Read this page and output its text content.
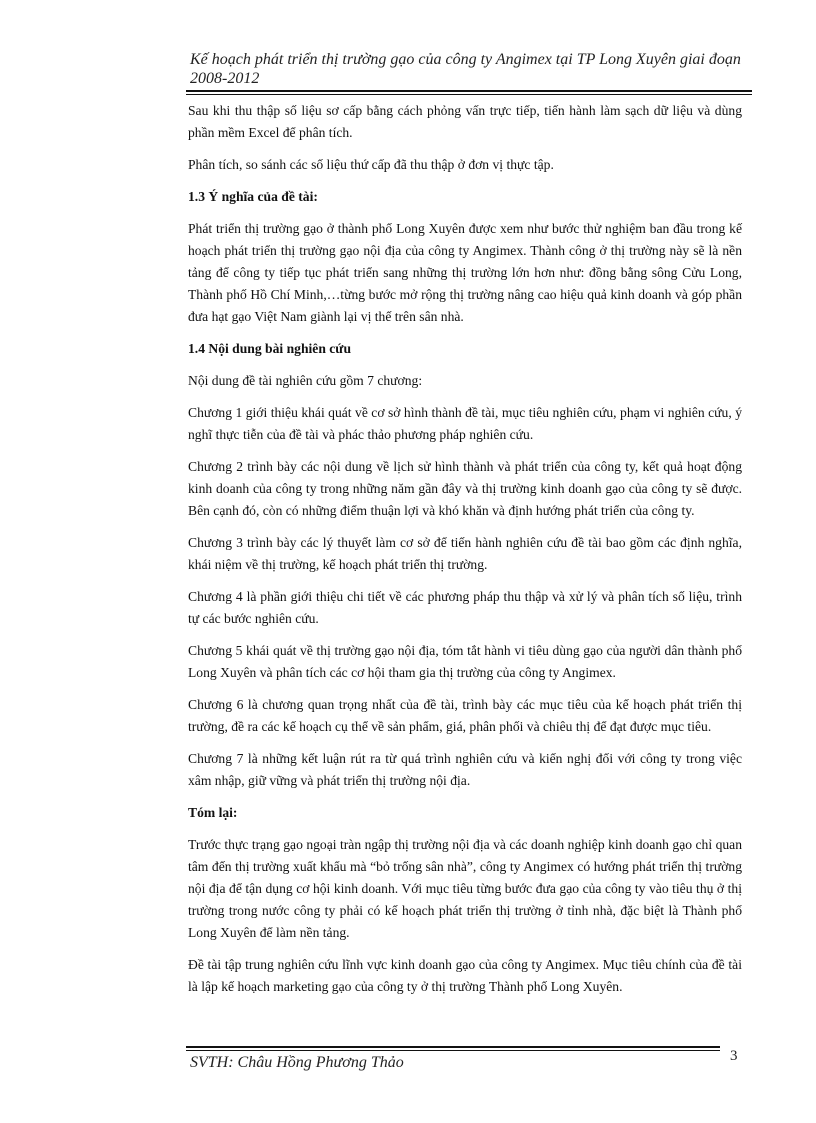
Kế hoạch phát triển thị trường gạo của công ty Angimex tại TP Long Xuyên giai đoạn 2008-2012

Sau khi thu thập số liệu sơ cấp bằng cách phỏng vấn trực tiếp, tiến hành làm sạch dữ liệu và dùng phần mềm Excel để phân tích.

Phân tích, so sánh các số liệu thứ cấp đã thu thập ở đơn vị thực tập.

1.3 Ý nghĩa của đề tài:

Phát triển thị trường gạo ở thành phố Long Xuyên được xem như bước thử nghiệm ban đầu trong kế hoạch phát triển thị trường gạo nội địa của công ty Angimex. Thành công ở thị trường này sẽ là nền tảng để công ty tiếp tục phát triển sang những thị trường lớn hơn như: đồng bằng sông Cửu Long, Thành phố Hồ Chí Minh,…từng bước mở rộng thị trường nâng cao hiệu quả kinh doanh và góp phần đưa hạt gạo Việt Nam giành lại vị thế trên sân nhà.

1.4 Nội dung bài nghiên cứu

Nội dung đề tài nghiên cứu gồm 7 chương:

Chương 1 giới thiệu khái quát về cơ sở hình thành đề tài, mục tiêu nghiên cứu, phạm vi nghiên cứu, ý nghĩ thực tiễn của đề tài và phác thảo phương pháp nghiên cứu.

Chương 2 trình bày các nội dung về lịch sử hình thành và phát triển của công ty, kết quả hoạt động kinh doanh của công ty trong những năm gần đây và thị trường kinh doanh gạo của công ty sẽ được. Bên cạnh đó, còn có những điểm thuận lợi và khó khăn và định hướng phát triển của công ty.

Chương 3 trình bày các lý thuyết làm cơ sở để tiến hành nghiên cứu đề tài bao gồm các định nghĩa, khái niệm về thị trường, kế hoạch phát triển thị trường.

Chương 4 là phần giới thiệu chi tiết về các phương pháp thu thập và xử lý và phân tích số liệu, trình tự các bước nghiên cứu.

Chương 5 khái quát về thị trường gạo nội địa, tóm tắt hành vi tiêu dùng gạo của người dân thành phố Long Xuyên và phân tích các cơ hội tham gia thị trường của công ty Angimex.

Chương 6 là chương quan trọng nhất của đề tài, trình bày các mục tiêu của kế hoạch phát triển thị trường, đề ra các kế hoạch cụ thể về sản phẩm, giá, phân phối và chiêu thị để đạt được mục tiêu.

Chương 7 là những kết luận rút ra từ quá trình nghiên cứu và kiến nghị đối với công ty trong việc xâm nhập, giữ vững và phát triển thị trường nội địa.

Tóm lại:

Trước thực trạng gạo ngoại tràn ngập thị trường nội địa và các doanh nghiệp kinh doanh gạo chỉ quan tâm đến thị trường xuất khẩu mà “bỏ trống sân nhà”, công ty Angimex có hướng phát triển thị trường nội địa để tận dụng cơ hội kinh doanh. Với mục tiêu từng bước đưa gạo của công ty vào tiêu thụ ở thị trường trong nước công ty phải có kế hoạch phát triển thị trường ở tỉnh nhà, đặc biệt là Thành phố Long Xuyên để làm nền tảng.

Đề tài tập trung nghiên cứu lĩnh vực kinh doanh gạo của công ty Angimex. Mục tiêu chính của đề tài là lập kế hoạch marketing gạo của công ty ở thị trường Thành phố Long Xuyên.

SVTH: Châu Hồng Phương Thảo	3
